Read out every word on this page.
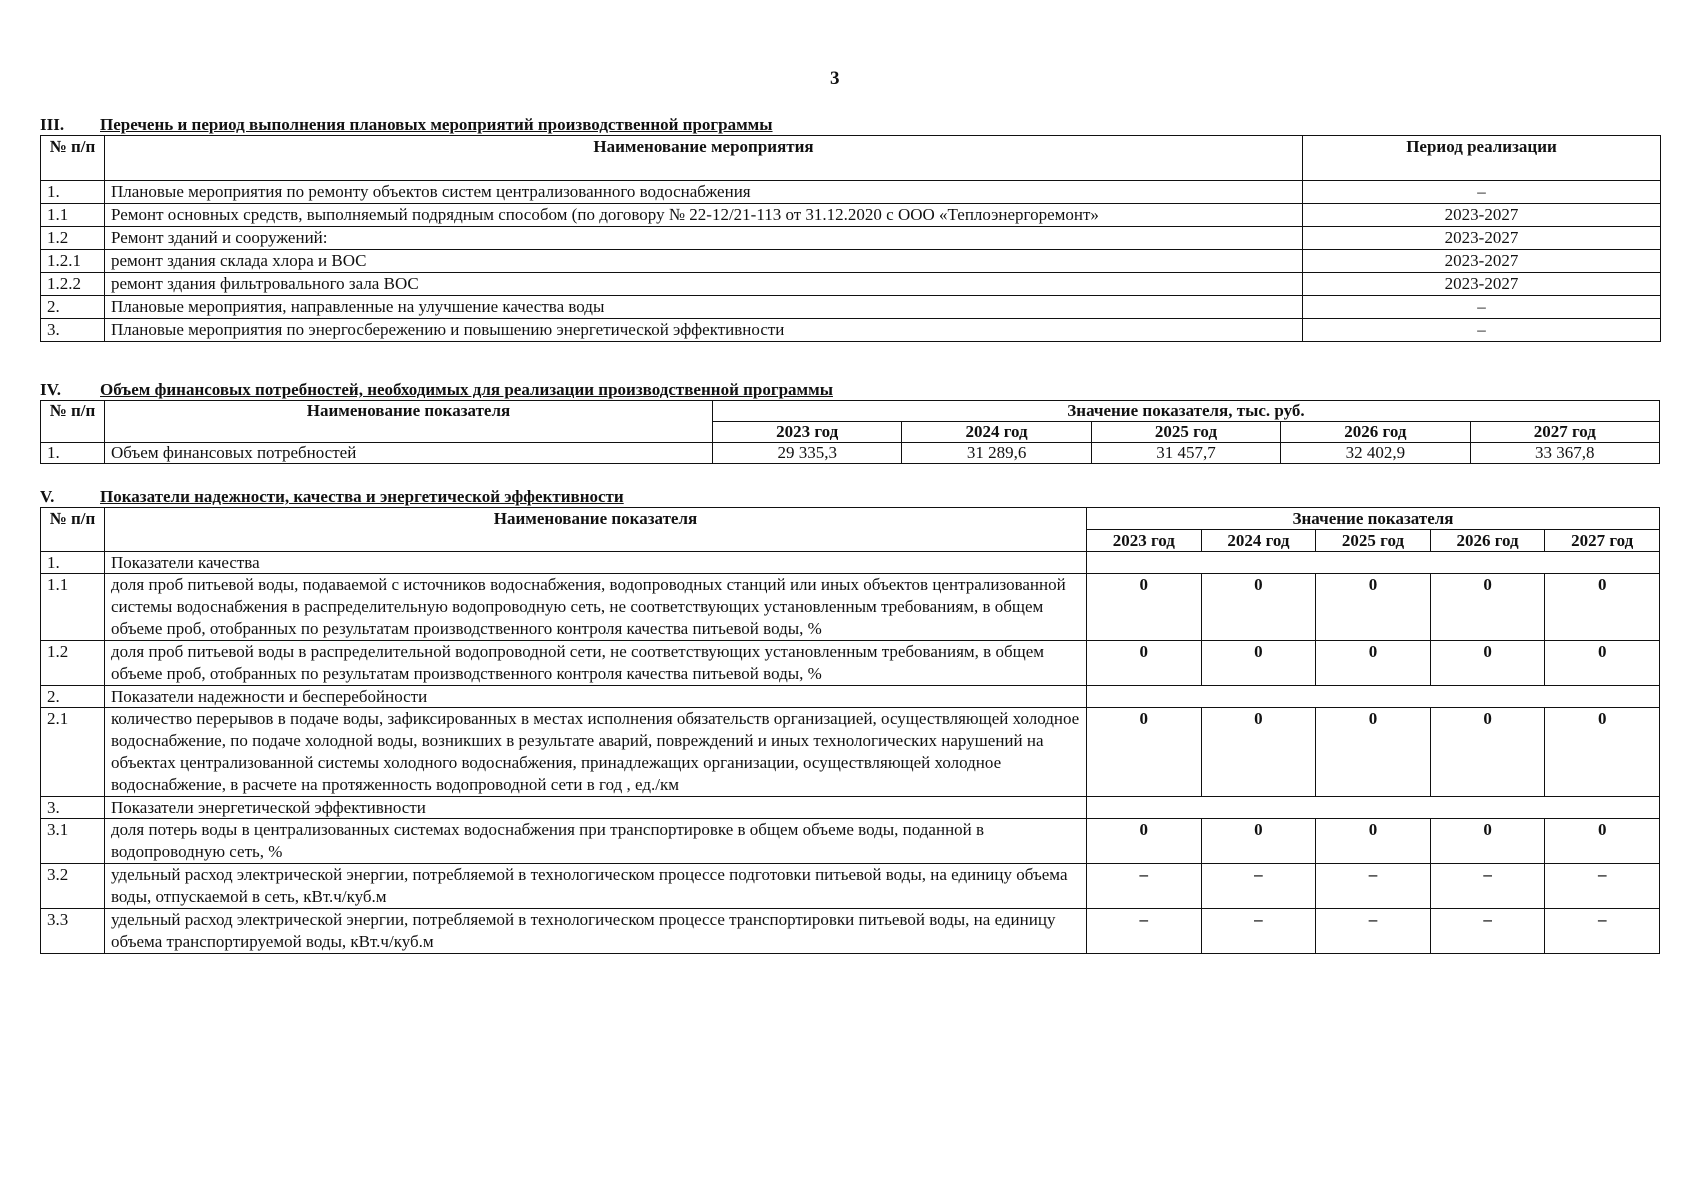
3
III. Перечень и период выполнения плановых мероприятий производственной программы
№ п/п	Наименование мероприятия	Период реализации
1.	Плановые мероприятия по ремонту объектов систем централизованного водоснабжения	–
1.1	Ремонт основных средств, выполняемый подрядным способом (по договору № 22-12/21-113 от 31.12.2020 с ООО «Теплоэнергоремонт»	2023-2027
1.2	Ремонт зданий и сооружений:	2023-2027
1.2.1	ремонт здания склада хлора и ВОС	2023-2027
1.2.2	ремонт здания фильтровального зала ВОС	2023-2027
2.	Плановые мероприятия, направленные на улучшение качества воды	–
3.	Плановые мероприятия по энергосбережению и повышению энергетической эффективности	–
IV. Объем финансовых потребностей, необходимых для реализации производственной программы
№ п/п	Наименование показателя	Значение показателя, тыс. руб.				
		2023 год	2024 год	2025 год	2026 год	2027 год
1.	Объем финансовых потребностей	29 335,3	31 289,6	31 457,7	32 402,9	33 367,8
V.	Показатели надежности, качества и энергетической эффективности
№ п/п	Наименование показателя	Значение показателя				
		2023 год	2024 год	2025 год	2026 год	2027 год
1.	Показатели качества					
1.1	доля проб питьевой воды, подаваемой с источников водоснабжения, водопроводных станций или иных объектов централизованной системы водоснабжения в распределительную водопроводную сеть, не соответствующих установленным требованиям, в общем объеме проб, отобранных по результатам производственного контроля качества питьевой воды, %	0	0	0	0	0
1.2	доля проб питьевой воды в распределительной водопроводной сети, не соответствующих установленным требованиям, в общем объеме проб, отобранных по результатам производственного контроля качества питьевой воды, %	0	0	0	0	0
2.	Показатели надежности и бесперебойности					
2.1	количество перерывов в подаче воды, зафиксированных в местах исполнения обязательств организацией, осуществляющей холодное водоснабжение, по подаче холодной воды, возникших в результате аварий, повреждений и иных технологических нарушений на объектах централизованной системы холодного водоснабжения, принадлежащих организации, осуществляющей холодное водоснабжение, в расчете на протяженность водопроводной сети в год , ед./км	0	0	0	0	0
3.	Показатели энергетической эффективности					
3.1	доля потерь воды в централизованных системах водоснабжения при транспортировке в общем объеме воды, поданной в водопроводную сеть, %	0	0	0	0	0
3.2	удельный расход электрической энергии, потребляемой в технологическом процессе подготовки питьевой воды, на единицу объема воды, отпускаемой в сеть, кВт.ч/куб.м	–	–	–	–	–
3.3	удельный расход электрической энергии, потребляемой в технологическом процессе транспортировки питьевой воды, на единицу объема транспортируемой воды, кВт.ч/куб.м	–	–	–	–	–
